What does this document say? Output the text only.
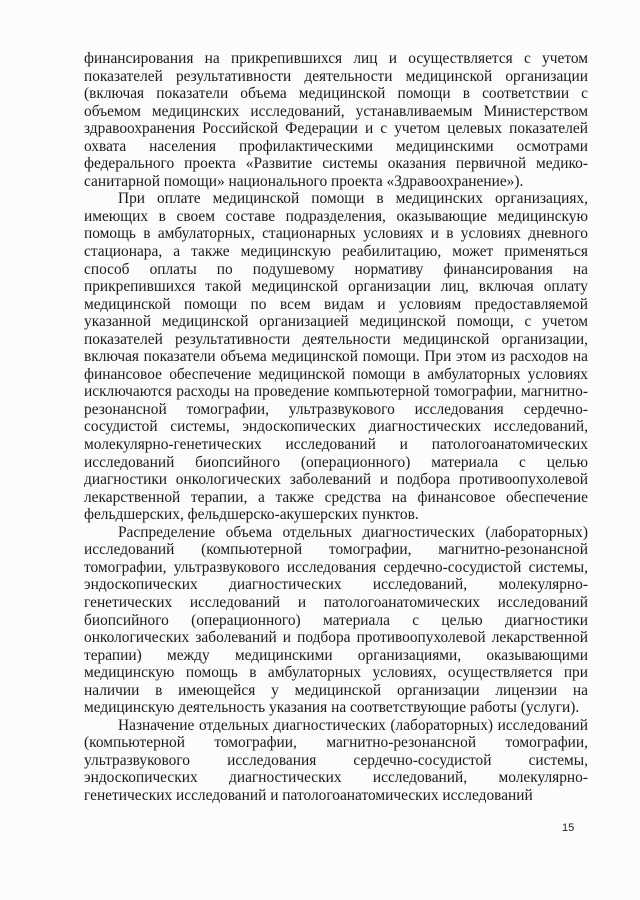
финансирования на прикрепившихся лиц и осуществляется с учетом показателей результативности деятельности медицинской организации (включая показатели объема медицинской помощи в соответствии с объемом медицинских исследований, устанавливаемым Министерством здравоохранения Российской Федерации и с учетом целевых показателей охвата населения профилактическими медицинскими осмотрами федерального проекта «Развитие системы оказания первичной медико-санитарной помощи» национального проекта «Здравоохранение»).

При оплате медицинской помощи в медицинских организациях, имеющих в своем составе подразделения, оказывающие медицинскую помощь в амбулаторных, стационарных условиях и в условиях дневного стационара, а также медицинскую реабилитацию, может применяться способ оплаты по подушевому нормативу финансирования на прикрепившихся такой медицинской организации лиц, включая оплату медицинской помощи по всем видам и условиям предоставляемой указанной медицинской организацией медицинской помощи, с учетом показателей результативности деятельности медицинской организации, включая показатели объема медицинской помощи. При этом из расходов на финансовое обеспечение медицинской помощи в амбулаторных условиях исключаются расходы на проведение компьютерной томографии, магнитно-резонансной томографии, ультразвукового исследования сердечно-сосудистой системы, эндоскопических диагностических исследований, молекулярно-генетических исследований и патологоанатомических исследований биопсийного (операционного) материала с целью диагностики онкологических заболеваний и подбора противоопухолевой лекарственной терапии, а также средства на финансовое обеспечение фельдшерских, фельдшерско-акушерских пунктов.

Распределение объема отдельных диагностических (лабораторных) исследований (компьютерной томографии, магнитно-резонансной томографии, ультразвукового исследования сердечно-сосудистой системы, эндоскопических диагностических исследований, молекулярно-генетических исследований и патологоанатомических исследований биопсийного (операционного) материала с целью диагностики онкологических заболеваний и подбора противоопухолевой лекарственной терапии) между медицинскими организациями, оказывающими медицинскую помощь в амбулаторных условиях, осуществляется при наличии в имеющейся у медицинской организации лицензии на медицинскую деятельность указания на соответствующие работы (услуги).

Назначение отдельных диагностических (лабораторных) исследований (компьютерной томографии, магнитно-резонансной томографии, ультразвукового исследования сердечно-сосудистой системы, эндоскопических диагностических исследований, молекулярно-генетических исследований и патологоанатомических исследований

15
